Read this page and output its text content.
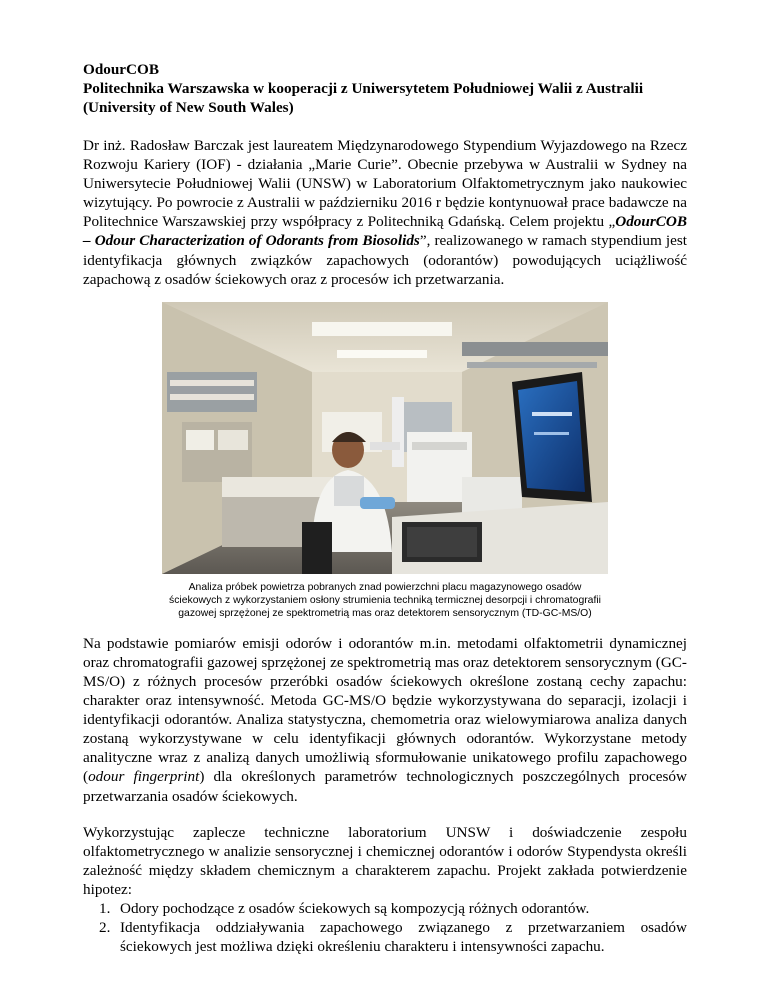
OdourCOB

Politechnika Warszawska w kooperacji z Uniwersytetem Południowej Walii z Australii

(University of New South Wales)

Dr inż. Radosław Barczak jest laureatem Międzynarodowego Stypendium Wyjazdowego na Rzecz Rozwoju Kariery (IOF) - działania „Marie Curie”. Obecnie przebywa w Australii w Sydney na Uniwersytecie Południowej Walii (UNSW) w Laboratorium Olfaktometrycznym jako naukowiec wizytujący. Po powrocie z Australii w październiku 2016 r będzie kontynuował prace badawcze na Politechnice Warszawskiej przy współpracy z Politechniką Gdańską. Celem projektu „OdourCOB – Odour Characterization of Odorants from Biosolids”, realizowanego w ramach stypendium jest identyfikacja głównych związków zapachowych (odorantów) powodujących uciążliwość zapachową z osadów ściekowych oraz z procesów ich przetwarzania.

Analiza próbek powietrza pobranych znad powierzchni placu magazynowego osadów ściekowych z wykorzystaniem osłony strumienia techniką termicznej desorpcji i chromatografii gazowej sprzężonej ze spektrometrią mas oraz detektorem sensorycznym (TD-GC-MS/O)

Na podstawie pomiarów emisji odorów i odorantów m.in. metodami olfaktometrii dynamicznej oraz chromatografii gazowej sprzężonej ze spektrometrią mas oraz detektorem sensorycznym (GC-MS/O) z różnych procesów przeróbki osadów ściekowych określone zostaną cechy zapachu: charakter oraz intensywność. Metoda GC-MS/O będzie wykorzystywana do separacji, izolacji i identyfikacji odorantów. Analiza statystyczna, chemometria oraz wielowymiarowa analiza danych zostaną wykorzystywane w celu identyfikacji głównych odorantów. Wykorzystane metody analityczne wraz z analizą danych umożliwią sformułowanie unikatowego profilu zapachowego (odour fingerprint) dla określonych parametrów technologicznych poszczególnych procesów przetwarzania osadów ściekowych.

Wykorzystując zaplecze techniczne laboratorium UNSW i doświadczenie zespołu olfaktometrycznego w analizie sensorycznej i chemicznej odorantów i odorów Stypendysta określi zależność między składem chemicznym a charakterem zapachu. Projekt zakłada potwierdzenie hipotez:

1. Odory pochodzące z osadów ściekowych są kompozycją różnych odorantów.
2. Identyfikacja oddziaływania zapachowego związanego z przetwarzaniem osadów ściekowych jest możliwa dzięki określeniu charakteru i intensywności zapachu.
